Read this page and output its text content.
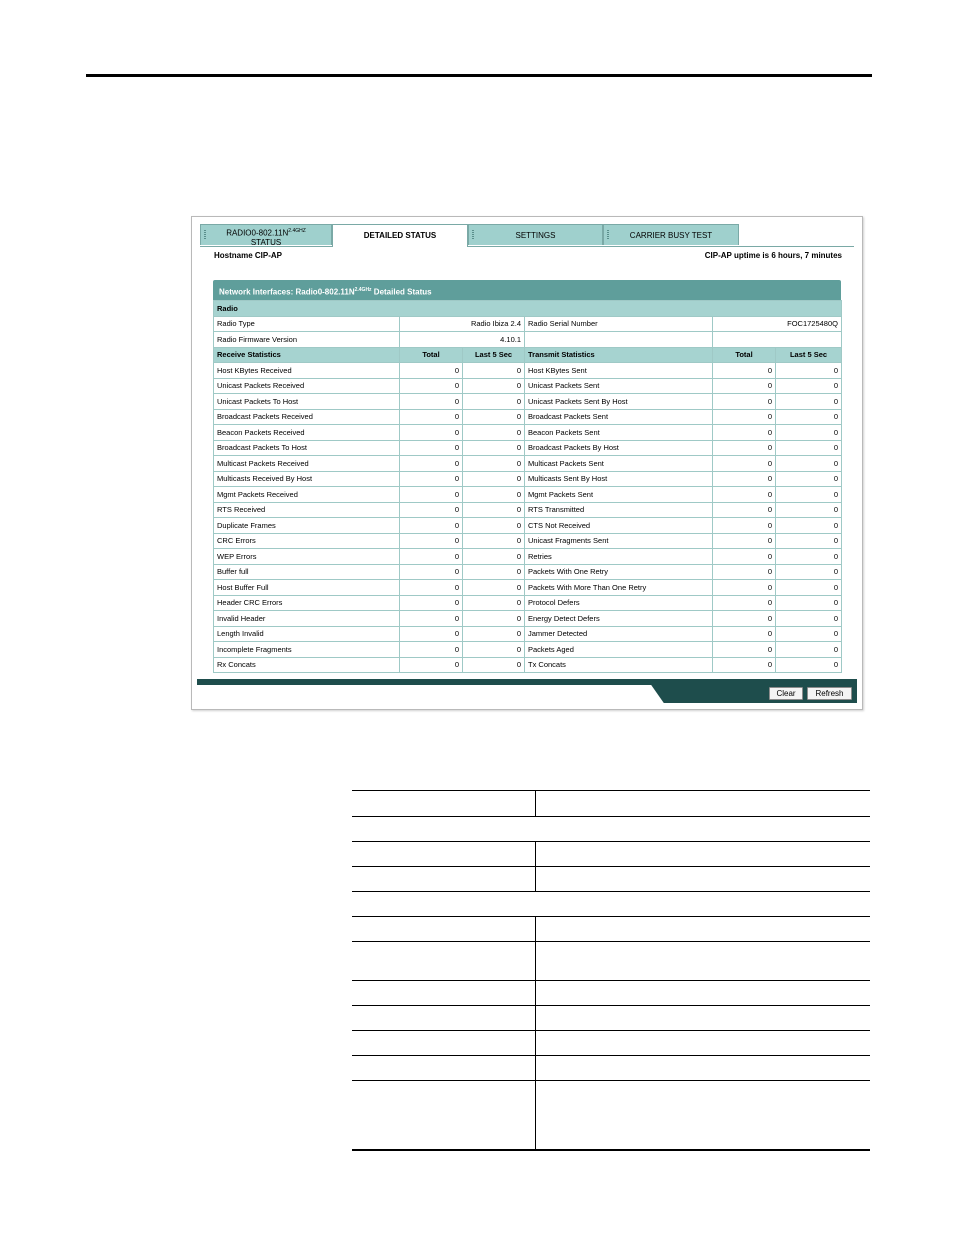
$RADIO0-802.11N^{2.4GHZ}$
STATUS
DETAILED STATUS	SETTINGS	CARRIER BUSY TEST
Hostname CIP-AP	CIP-AP uptime is 6 hours, 7 minutes
Network Interfaces: $Radio0-802.11N^{2.4GHz}$ Detailed Status
Radio					
Radio Type	Radio Ibiza 2.4		Radio Serial Number	FOC1725480Q	
Radio Firmware Version	4.10.1				
Receive Statistics	Total	Last 5 Sec	Transmit Statistics	Total	Last 5 Sec
Host KBytes Received	0	0	Host KBytes Sent	0	0
Unicast Packets Received	0	0	Unicast Packets Sent	0	0
Unicast Packets To Host	0	0	Unicast Packets Sent By Host	0	0
Broadcast Packets Received	0	0	Broadcast Packets Sent	0	0
Beacon Packets Received	0	0	Beacon Packets Sent	0	0
Broadcast Packets To Host	0	0	Broadcast Packets By Host	0	0
Multicast Packets Received	0	0	Multicast Packets Sent	0	0
Multicasts Received By Host	0	0	Multicasts Sent By Host	0	0
Mgmt Packets Received	0	0	Mgmt Packets Sent	0	0
RTS Received	0	0	RTS Transmitted	0	0
Duplicate Frames	0	0	CTS Not Received	0	0
CRC Errors	0	0	Unicast Fragments Sent	0	0
WEP Errors	0	0	Retries	0	0
Buffer full	0	0	Packets With One Retry	0	0
Host Buffer Full	0	0	Packets With More Than One Retry	0	0
Header CRC Errors	0	0	Protocol Defers	0	0
Invalid Header	0	0	Energy Detect Defers	0	0
Length Invalid	0	0	Jammer Detected	0	0
Incomplete Fragments	0	0	Packets Aged	0	0
Rx Concats	0	0	Tx Concats	0	0
Clear	Refresh
